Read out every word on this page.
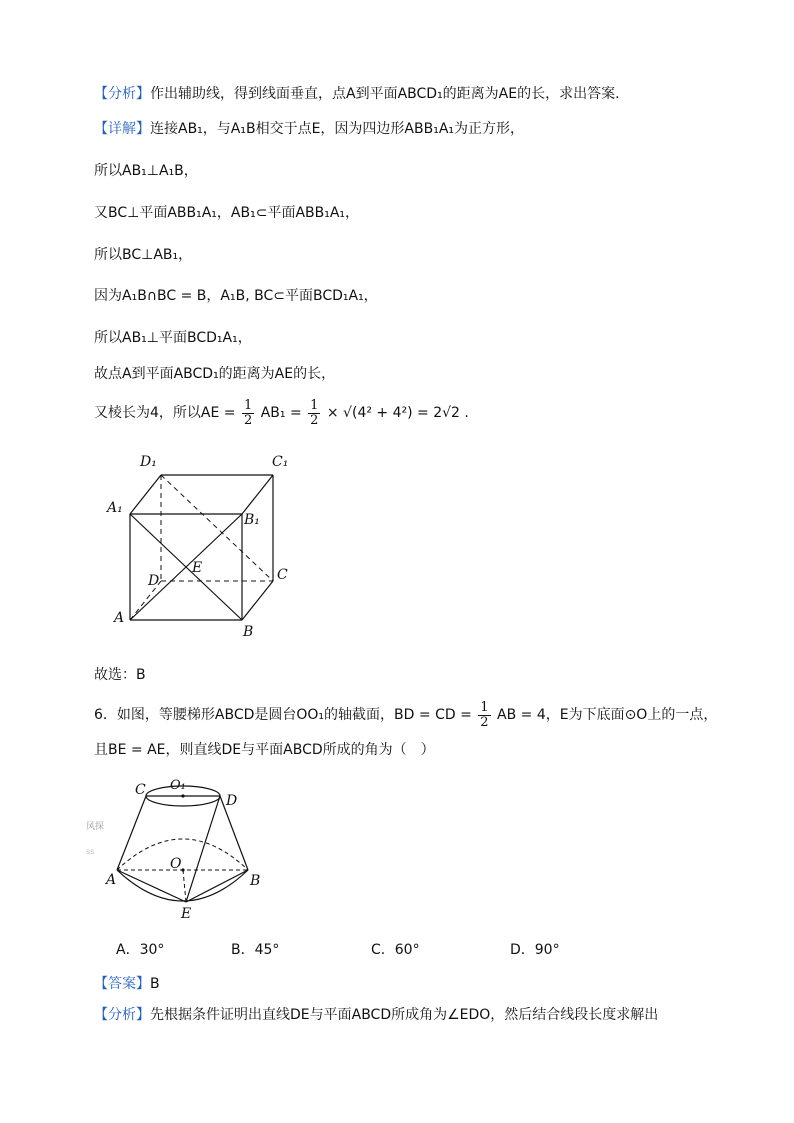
【分析】作出辅助线，得到线面垂直，点A到平面ABCD₁的距离为AE的长，求出答案.
【详解】连接AB₁，与A₁B相交于点E，因为四边形ABB₁A₁为正方形，
所以AB₁⊥A₁B，
又BC⊥平面ABB₁A₁，AB₁⊂平面ABB₁A₁，
所以BC⊥AB₁，
因为A₁B∩BC = B，A₁B, BC⊂平面BCD₁A₁，
所以AB₁⊥平面BCD₁A₁，
故点A到平面ABCD₁的距离为AE的长，
又棱长为4，所以AE = $\frac{1}{2} AB_1 = \frac{1}{2} \times √(4^2 + 4^2) = 2√2$ .
D₁	C₁
A₁
B₁
E
D	C
A
B
故选：B
6．如图，等腰梯形ABCD是圆台OO₁的轴截面，BD = CD = $\frac{1}{2}$ AB = 4，E为下底面⊙O上的一点，
且BE = AE，则直线DE与平面ABCD所成的角为（　）
风探
ss
C O₁
D
O
A	B
E
A．30°	B．45°	C．60°	D．90°
【答案】B
【分析】先根据条件证明出直线DE与平面ABCD所成角为∠EDO，然后结合线段长度求解出
